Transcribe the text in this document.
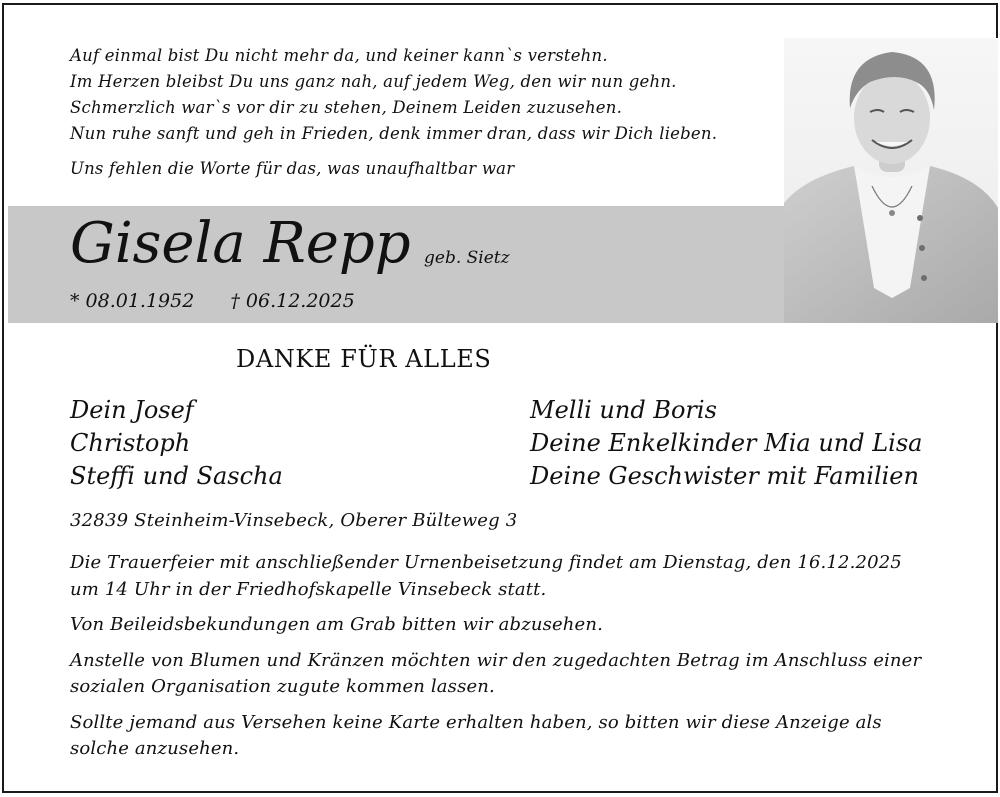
Auf einmal bist Du nicht mehr da, und keiner kann`s verstehn.
Im Herzen bleibst Du uns ganz nah, auf jedem Weg, den wir nun gehn.
Schmerzlich war`s vor dir zu stehen, Deinem Leiden zuzusehen.
Nun ruhe sanft und geh in Frieden, denk immer dran, dass wir Dich lieben.
Uns fehlen die Worte für das, was unaufhaltbar war
Gisela Repp geb. Sietz
* 08.01.1952 † 06.12.2025
DANKE FÜR ALLES
Dein Josef
Christoph
Steffi und Sascha
Melli und Boris
Deine Enkelkinder Mia und Lisa
Deine Geschwister mit Familien
32839 Steinheim-Vinsebeck, Oberer Bülteweg 3

Die Trauerfeier mit anschließender Urnenbeisetzung findet am Dienstag, den 16.12.2025
um 14 Uhr in der Friedhofskapelle Vinsebeck statt.

Von Beileidsbekundungen am Grab bitten wir abzusehen.

Anstelle von Blumen und Kränzen möchten wir den zugedachten Betrag im Anschluss einer
sozialen Organisation zugute kommen lassen.

Sollte jemand aus Versehen keine Karte erhalten haben, so bitten wir diese Anzeige als
solche anzusehen.
